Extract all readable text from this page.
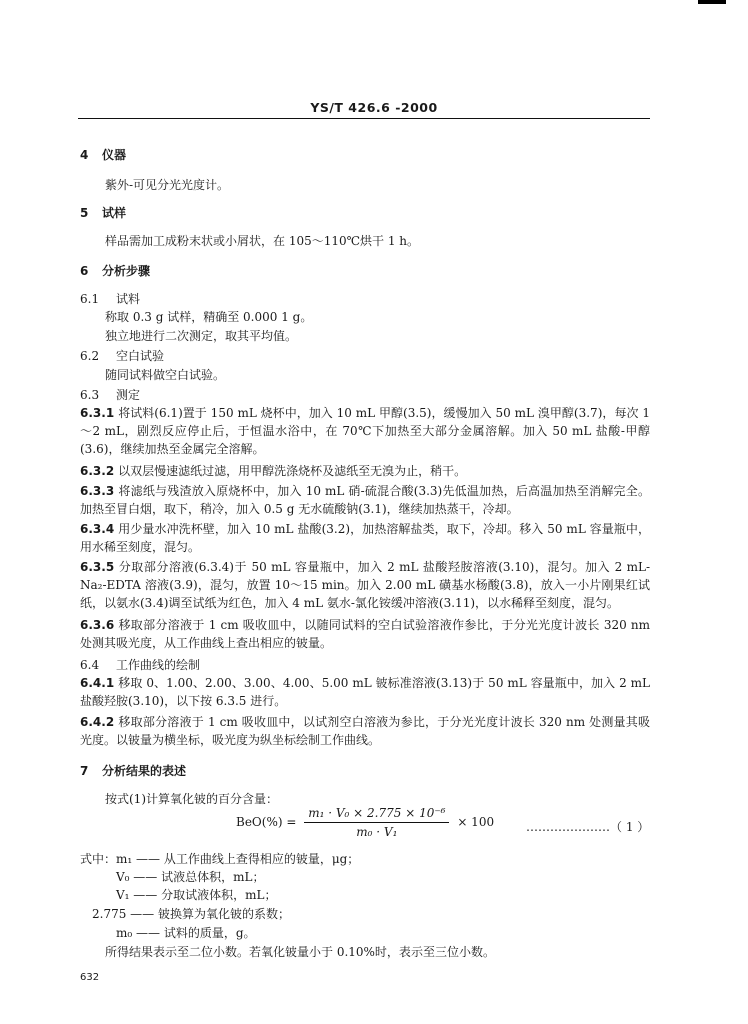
YS/T 426.6 -2000
4 仪器
紫外-可见分光光度计。
5 试样
样品需加工成粉末状或小屑状，在 105～110℃烘干 1 h。
6 分析步骤
6.1 试料
称取 0.3 g 试样，精确至 0.000 1 g。
独立地进行二次测定，取其平均值。
6.2 空白试验
随同试料做空白试验。
6.3 测定
6.3.1 将试料(6.1)置于 150 mL 烧杯中，加入 10 mL 甲醇(3.5)，缓慢加入 50 mL 溴甲醇(3.7)，每次 1～2 mL，剧烈反应停止后，于恒温水浴中，在 70℃下加热至大部分金属溶解。加入 50 mL 盐酸-甲醇(3.6)，继续加热至金属完全溶解。
6.3.2 以双层慢速滤纸过滤，用甲醇洗涤烧杯及滤纸至无溴为止，稍干。
6.3.3 将滤纸与残渣放入原烧杯中，加入 10 mL 硝-硫混合酸(3.3)先低温加热，后高温加热至消解完全。加热至冒白烟，取下，稍冷，加入 0.5 g 无水硫酸钠(3.1)，继续加热蒸干，冷却。
6.3.4 用少量水冲洗杯壁，加入 10 mL 盐酸(3.2)，加热溶解盐类，取下，冷却。移入 50 mL 容量瓶中，用水稀至刻度，混匀。
6.3.5 分取部分溶液(6.3.4)于 50 mL 容量瓶中，加入 2 mL 盐酸羟胺溶液(3.10)，混匀。加入 2 mL-Na₂-EDTA 溶液(3.9)，混匀，放置 10～15 min。加入 2.00 mL 磺基水杨酸(3.8)，放入一小片刚果红试纸，以氨水(3.4)调至试纸为红色，加入 4 mL 氨水-氯化铵缓冲溶液(3.11)，以水稀释至刻度，混匀。
6.3.6 移取部分溶液于 1 cm 吸收皿中，以随同试料的空白试验溶液作参比，于分光光度计波长 320 nm 处测其吸光度，从工作曲线上查出相应的铍量。
6.4 工作曲线的绘制
6.4.1 移取 0、1.00、2.00、3.00、4.00、5.00 mL 铍标准溶液(3.13)于 50 mL 容量瓶中，加入 2 mL 盐酸羟胺(3.10)，以下按 6.3.5 进行。
6.4.2 移取部分溶液于 1 cm 吸收皿中，以试剂空白溶液为参比，于分光光度计波长 320 nm 处测量其吸光度。以铍量为横坐标，吸光度为纵坐标绘制工作曲线。
7 分析结果的表述
按式(1)计算氧化铍的百分含量：
$BeO(\%) = \frac{\text{m₁ · V₀ × 2.775 × 10⁻⁶}}{\text{m₀ · V₁}} \times 100$	…………………（ 1 ）
式中： m₁ —— 从工作曲线上查得相应的铍量，μg；
V₀ —— 试液总体积，mL；
V₁ —— 分取试液体积，mL；
2.775 —— 铍换算为氧化铍的系数；
m₀ —— 试料的质量，g。
所得结果表示至二位小数。若氧化铍量小于 0.10%时，表示至三位小数。
632
